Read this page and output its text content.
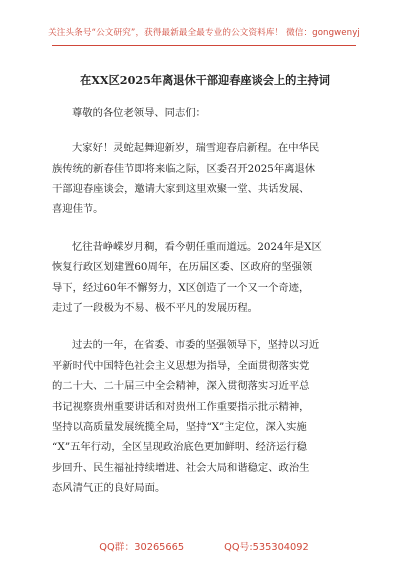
关注头条号“公文研究”，获得最新最全最专业的公文资料库！ 微信：gongwenyj
在XX区2025年离退休干部迎春座谈会上的主持词
尊敬的各位老领导、同志们：
大家好！灵蛇起舞迎新岁，瑞雪迎春启新程。在中华民
族传统的新春佳节即将来临之际，区委召开2025年离退休
干部迎春座谈会，邀请大家到这里欢聚一堂、共话发展、
喜迎佳节。
忆往昔峥嵘岁月稠，看今朝任重而道远。2024年是X区
恢复行政区划建置60周年，在历届区委、区政府的坚强领
导下，经过60年不懈努力，X区创造了一个又一个奇迹，
走过了一段极为不易、极不平凡的发展历程。
过去的一年，在省委、市委的坚强领导下，坚持以习近
平新时代中国特色社会主义思想为指导，全面贯彻落实党
的二十大、二十届三中全会精神，深入贯彻落实习近平总
书记视察贵州重要讲话和对贵州工作重要指示批示精神，
坚持以高质量发展统揽全局，坚持“X”主定位，深入实施
“X”五年行动，全区呈现政治底色更加鲜明、经济运行稳
步回升、民生福祉持续增进、社会大局和谐稳定、政治生
态风清气正的良好局面。
QQ群：30265665	QQ号:535304092
